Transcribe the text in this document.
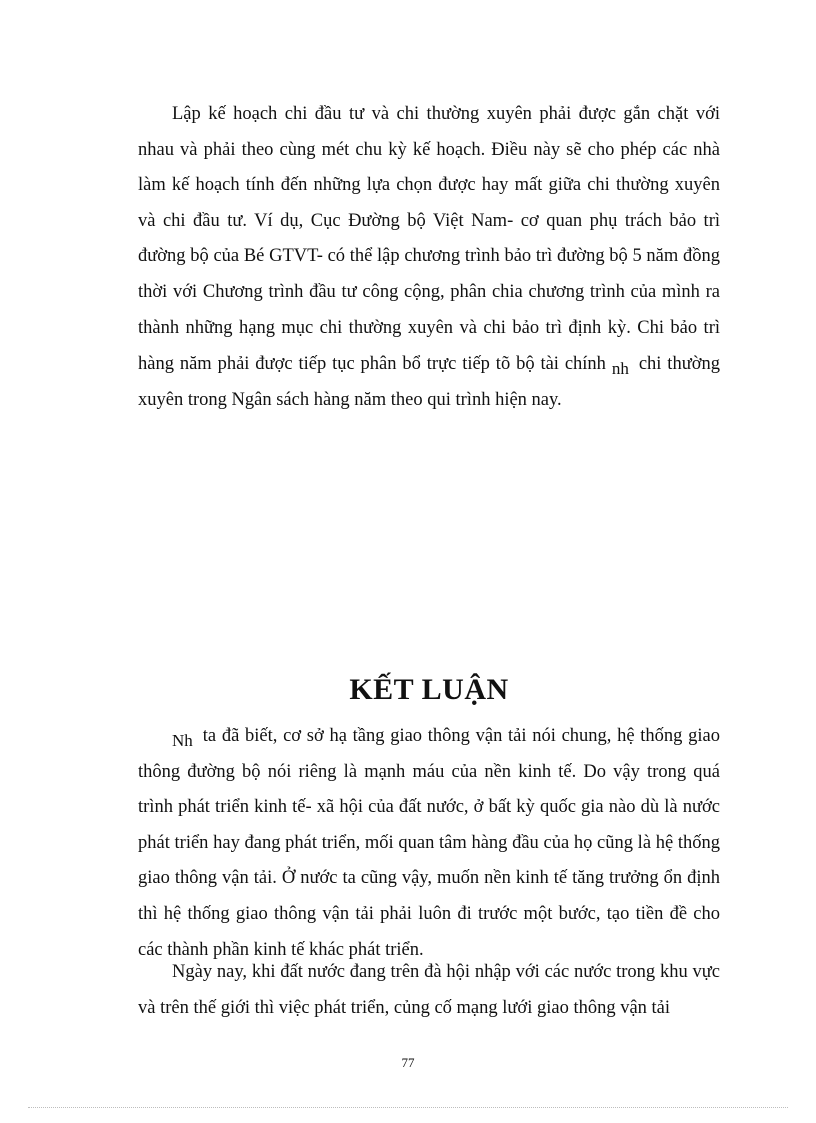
Lập kế hoạch chi đầu tư và chi thường xuyên phải được gắn chặt với nhau và phải theo cùng mét chu kỳ kế hoạch. Điều này sẽ cho phép các nhà làm kế hoạch tính đến những lựa chọn được hay mất giữa chi thường xuyên và chi đầu tư. Ví dụ, Cục Đường bộ Việt Nam- cơ quan phụ trách bảo trì đường bộ của Bé GTVT- có thể lập chương trình bảo trì đường bộ 5 năm đồng thời với Chương trình đầu tư công cộng, phân chia chương trình của mình ra thành những hạng mục chi thường xuyên và chi bảo trì định kỳ. Chi bảo trì hàng năm phải được tiếp tục phân bổ trực tiếp tõ bộ tài chính nh chi thường xuyên trong Ngân sách hàng năm theo qui trình hiện nay.

KẾT LUẬN

Nh ta đã biết, cơ sở hạ tầng giao thông vận tải nói chung, hệ thống giao thông đường bộ nói riêng là mạnh máu của nền kinh tế. Do vậy trong quá trình phát triển kinh tế- xã hội của đất nước, ở bất kỳ quốc gia nào dù là nước phát triển hay đang phát triển, mối quan tâm hàng đầu của họ cũng là hệ thống giao thông vận tải. Ở nước ta cũng vậy, muốn nền kinh tế tăng trưởng ổn định thì hệ thống giao thông vận tải phải luôn đi trước một bước, tạo tiền đề cho các thành phần kinh tế khác phát triển.

Ngày nay, khi đất nước đang trên đà hội nhập với các nước trong khu vực và trên thế giới thì việc phát triển, củng cố mạng lưới giao thông vận tải

77
